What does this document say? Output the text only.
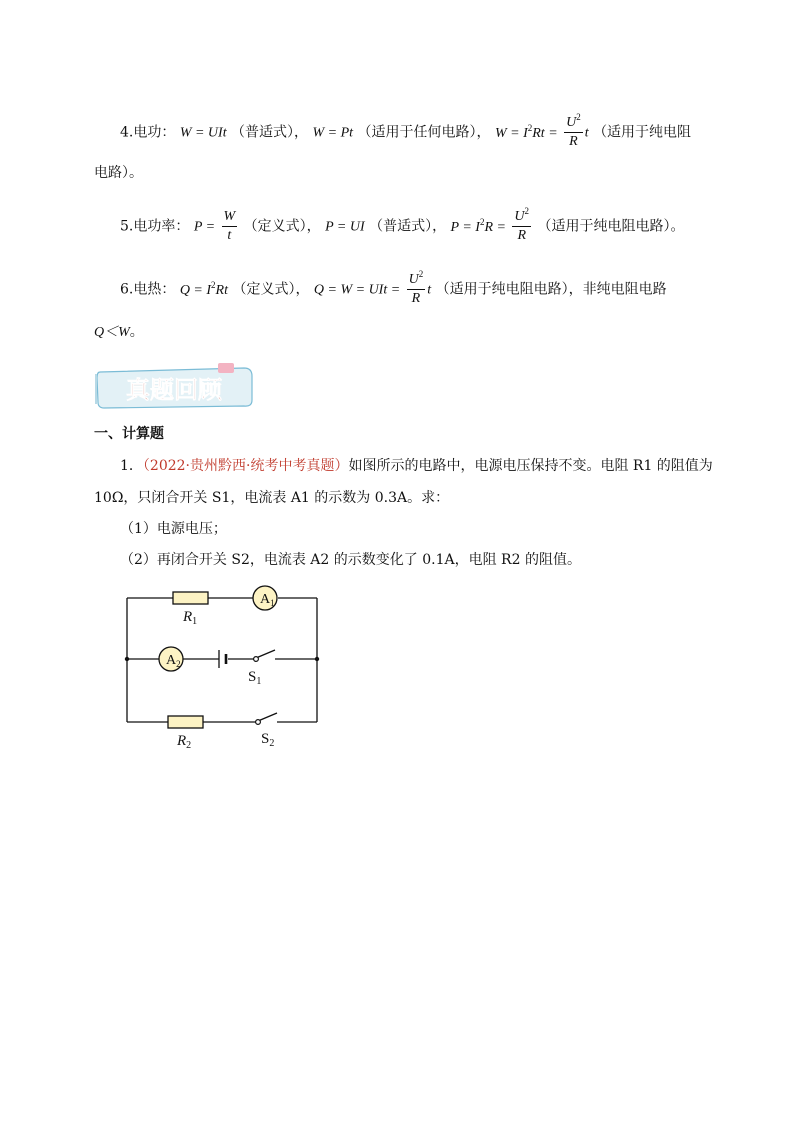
4.电功： W = UIt （普适式）， W = Pt （适用于任何电路）， $W = I^2Rt = \frac{U^2}{R}$ t （适用于纯电阻
电路）。
5.电功率： $P = \frac{W}{t}$ （定义式）， P = UI （普适式）， $P = I^2R = \frac{U^2}{R}$ （适用于纯电阻电路）。
6.电热： $Q = I^2Rt$ （定义式）， Q = W = UIt = $\frac{U^2}{R}$ t （适用于纯电阻电路），非纯电阻电路
Q＜W。
真题回顾
一、计算题
1．（2022·贵州黔西·统考中考真题）如图所示的电路中，电源电压保持不变。电阻 R1 的阻值为
10Ω，只闭合开关 S1，电流表 A1 的示数为 0.3A。求：
（1）电源电压；
（2）再闭合开关 S2，电流表 A2 的示数变化了 0.1A，电阻 R2 的阻值。
$A_1$
$A_2$
$R_1$
$R_2$
$S_1$
$S_2$
